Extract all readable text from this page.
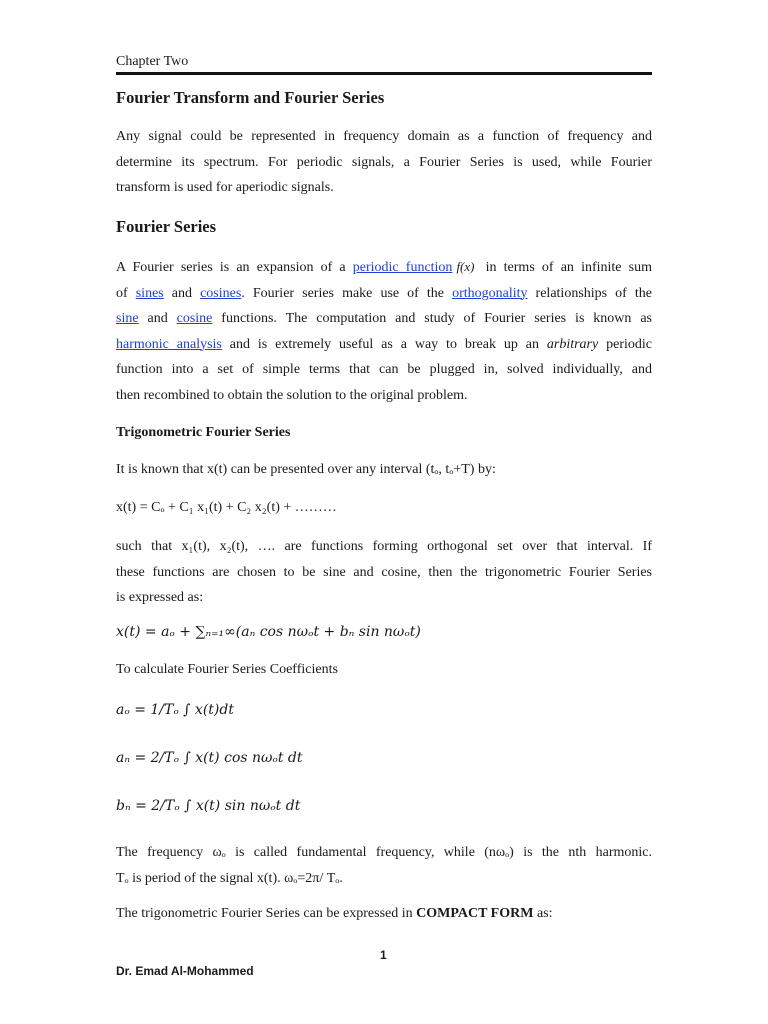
Chapter Two
Fourier Transform and Fourier Series
Any signal could be represented in frequency domain as a function of frequency and
determine its spectrum. For periodic signals, a Fourier Series is used, while Fourier
transform is used for aperiodic signals.
Fourier Series
A Fourier series is an expansion of a periodic function f(x) in terms of an infinite sum
of sines and cosines. Fourier series make use of the orthogonality relationships of the
sine and cosine functions. The computation and study of Fourier series is known as
harmonic analysis and is extremely useful as a way to break up an arbitrary periodic
function into a set of simple terms that can be plugged in, solved individually, and
then recombined to obtain the solution to the original problem.
Trigonometric Fourier Series
It is known that x(t) can be presented over any interval (tₒ, tₒ+T) by:
x(t) = Cₒ + C₁ x₁(t) + C₂ x₂(t) + ………
such that x₁(t), x₂(t), …. are functions forming orthogonal set over that interval. If
these functions are chosen to be sine and cosine, then the trigonometric Fourier Series
is expressed as:
x(t) = aₒ + ∑ₙ₌₁∞(aₙ cos nωₒt + bₙ sin nωₒt)
To calculate Fourier Series Coefficients
aₒ = 1/Tₒ ∫ x(t)dt
aₙ = 2/Tₒ ∫ x(t) cos nωₒt dt
bₙ = 2/Tₒ ∫ x(t) sin nωₒt dt
The frequency ωₒ is called fundamental frequency, while (nωₒ) is the nth harmonic.
Tₒ is period of the signal x(t). ωₒ=2π/ Tₒ.
The trigonometric Fourier Series can be expressed in COMPACT FORM as:
1
Dr. Emad Al-Mohammed
